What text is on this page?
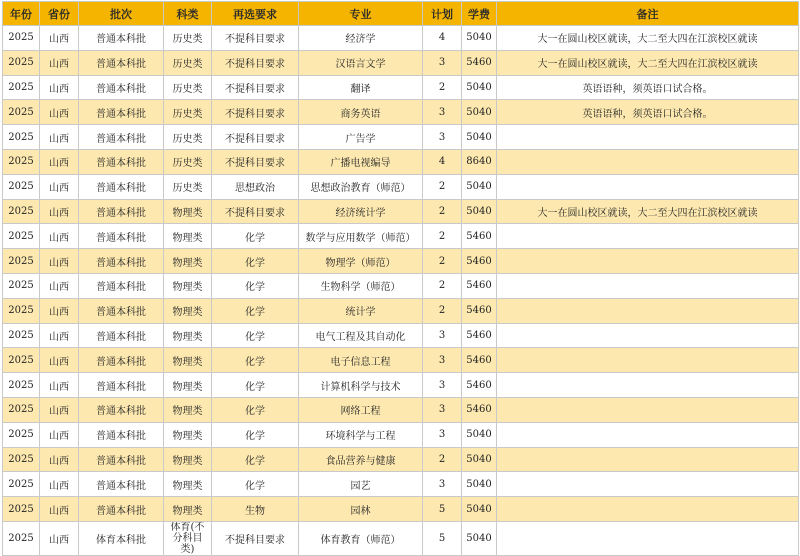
年份	省份	批次	科类	再选要求	专业	计划	学费	备注
2025	山西	普通本科批	历史类	不提科目要求	经济学	4	5040	大一在圆山校区就读，大二至大四在江滨校区就读
2025	山西	普通本科批	历史类	不提科目要求	汉语言文学	3	5460	大一在圆山校区就读，大二至大四在江滨校区就读
2025	山西	普通本科批	历史类	不提科目要求	翻译	2	5040	英语语种，须英语口试合格。
2025	山西	普通本科批	历史类	不提科目要求	商务英语	3	5040	英语语种，须英语口试合格。
2025	山西	普通本科批	历史类	不提科目要求	广告学	3	5040	
2025	山西	普通本科批	历史类	不提科目要求	广播电视编导	4	8640	
2025	山西	普通本科批	历史类	思想政治	思想政治教育（师范）	2	5040	
2025	山西	普通本科批	物理类	不提科目要求	经济统计学	2	5040	大一在圆山校区就读，大二至大四在江滨校区就读
2025	山西	普通本科批	物理类	化学	数学与应用数学（师范）	2	5460	
2025	山西	普通本科批	物理类	化学	物理学（师范）	2	5460	
2025	山西	普通本科批	物理类	化学	生物科学（师范）	2	5460	
2025	山西	普通本科批	物理类	化学	统计学	2	5460	
2025	山西	普通本科批	物理类	化学	电气工程及其自动化	3	5460	
2025	山西	普通本科批	物理类	化学	电子信息工程	3	5460	
2025	山西	普通本科批	物理类	化学	计算机科学与技术	3	5460	
2025	山西	普通本科批	物理类	化学	网络工程	3	5460	
2025	山西	普通本科批	物理类	化学	环境科学与工程	3	5040	
2025	山西	普通本科批	物理类	化学	食品营养与健康	2	5040	
2025	山西	普通本科批	物理类	化学	园艺	3	5040	
2025	山西	普通本科批	物理类	生物	园林	5	5040	
2025	山西	体育本科批	体育(不分科目类)	不提科目要求	体育教育（师范）	5	5040	
